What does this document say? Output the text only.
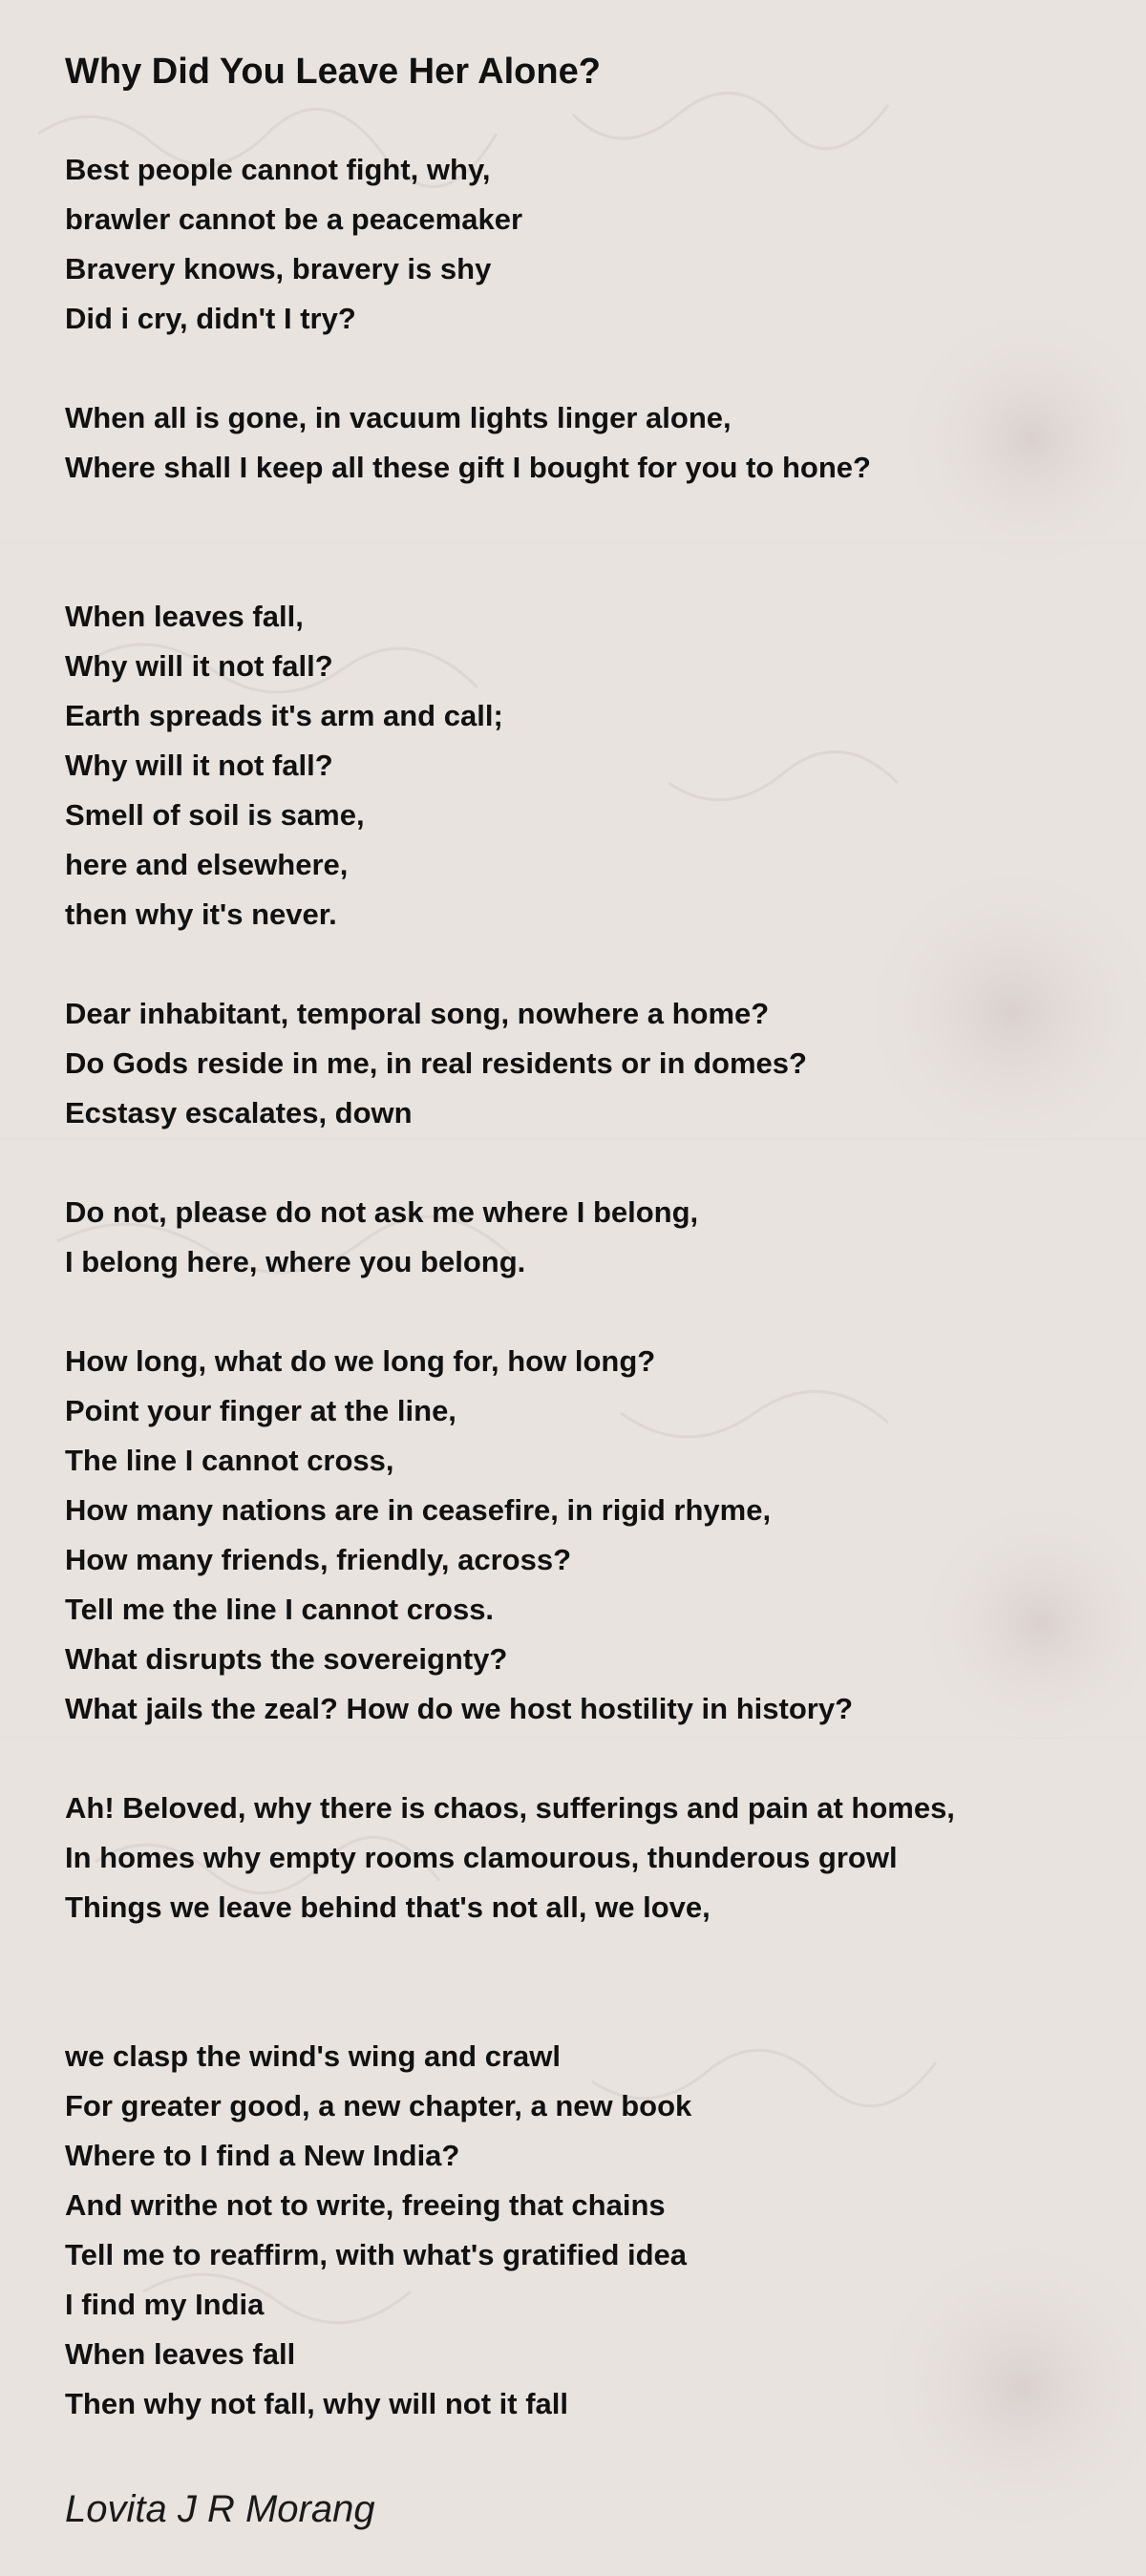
Why Did You Leave Her Alone?
Best people cannot fight, why,
brawler cannot be a peacemaker
Bravery knows, bravery is shy
Did i cry, didn't I try?
When all is gone, in vacuum lights linger alone,
Where shall I keep all these gift I bought for you to hone?
When leaves fall,
Why will it not fall?
Earth spreads it's arm and call;
Why will it not fall?
Smell of soil is same,
here and elsewhere,
then why it's never.
Dear inhabitant, temporal song, nowhere a home?
Do Gods reside in me, in real residents or in domes?
Ecstasy escalates, down
Do not, please do not ask me where I belong,
I belong here, where you belong.
How long, what do we long for, how long?
Point your finger at the line,
The line I cannot cross,
How many nations are in ceasefire, in rigid rhyme,
How many friends, friendly, across?
Tell me the line I cannot cross.
What disrupts the sovereignty?
What jails the zeal? How do we host hostility in history?
Ah! Beloved, why there is chaos, sufferings and pain at homes,
In homes why empty rooms clamourous, thunderous growl
Things we leave behind that's not all, we love,
we clasp the wind's wing and crawl
For greater good, a new chapter, a new book
Where to I find a New India?
And writhe not to write, freeing that chains
Tell me to reaffirm, with what's gratified idea
I find my India
When leaves fall
Then why not fall, why will not it fall
Lovita J R Morang
